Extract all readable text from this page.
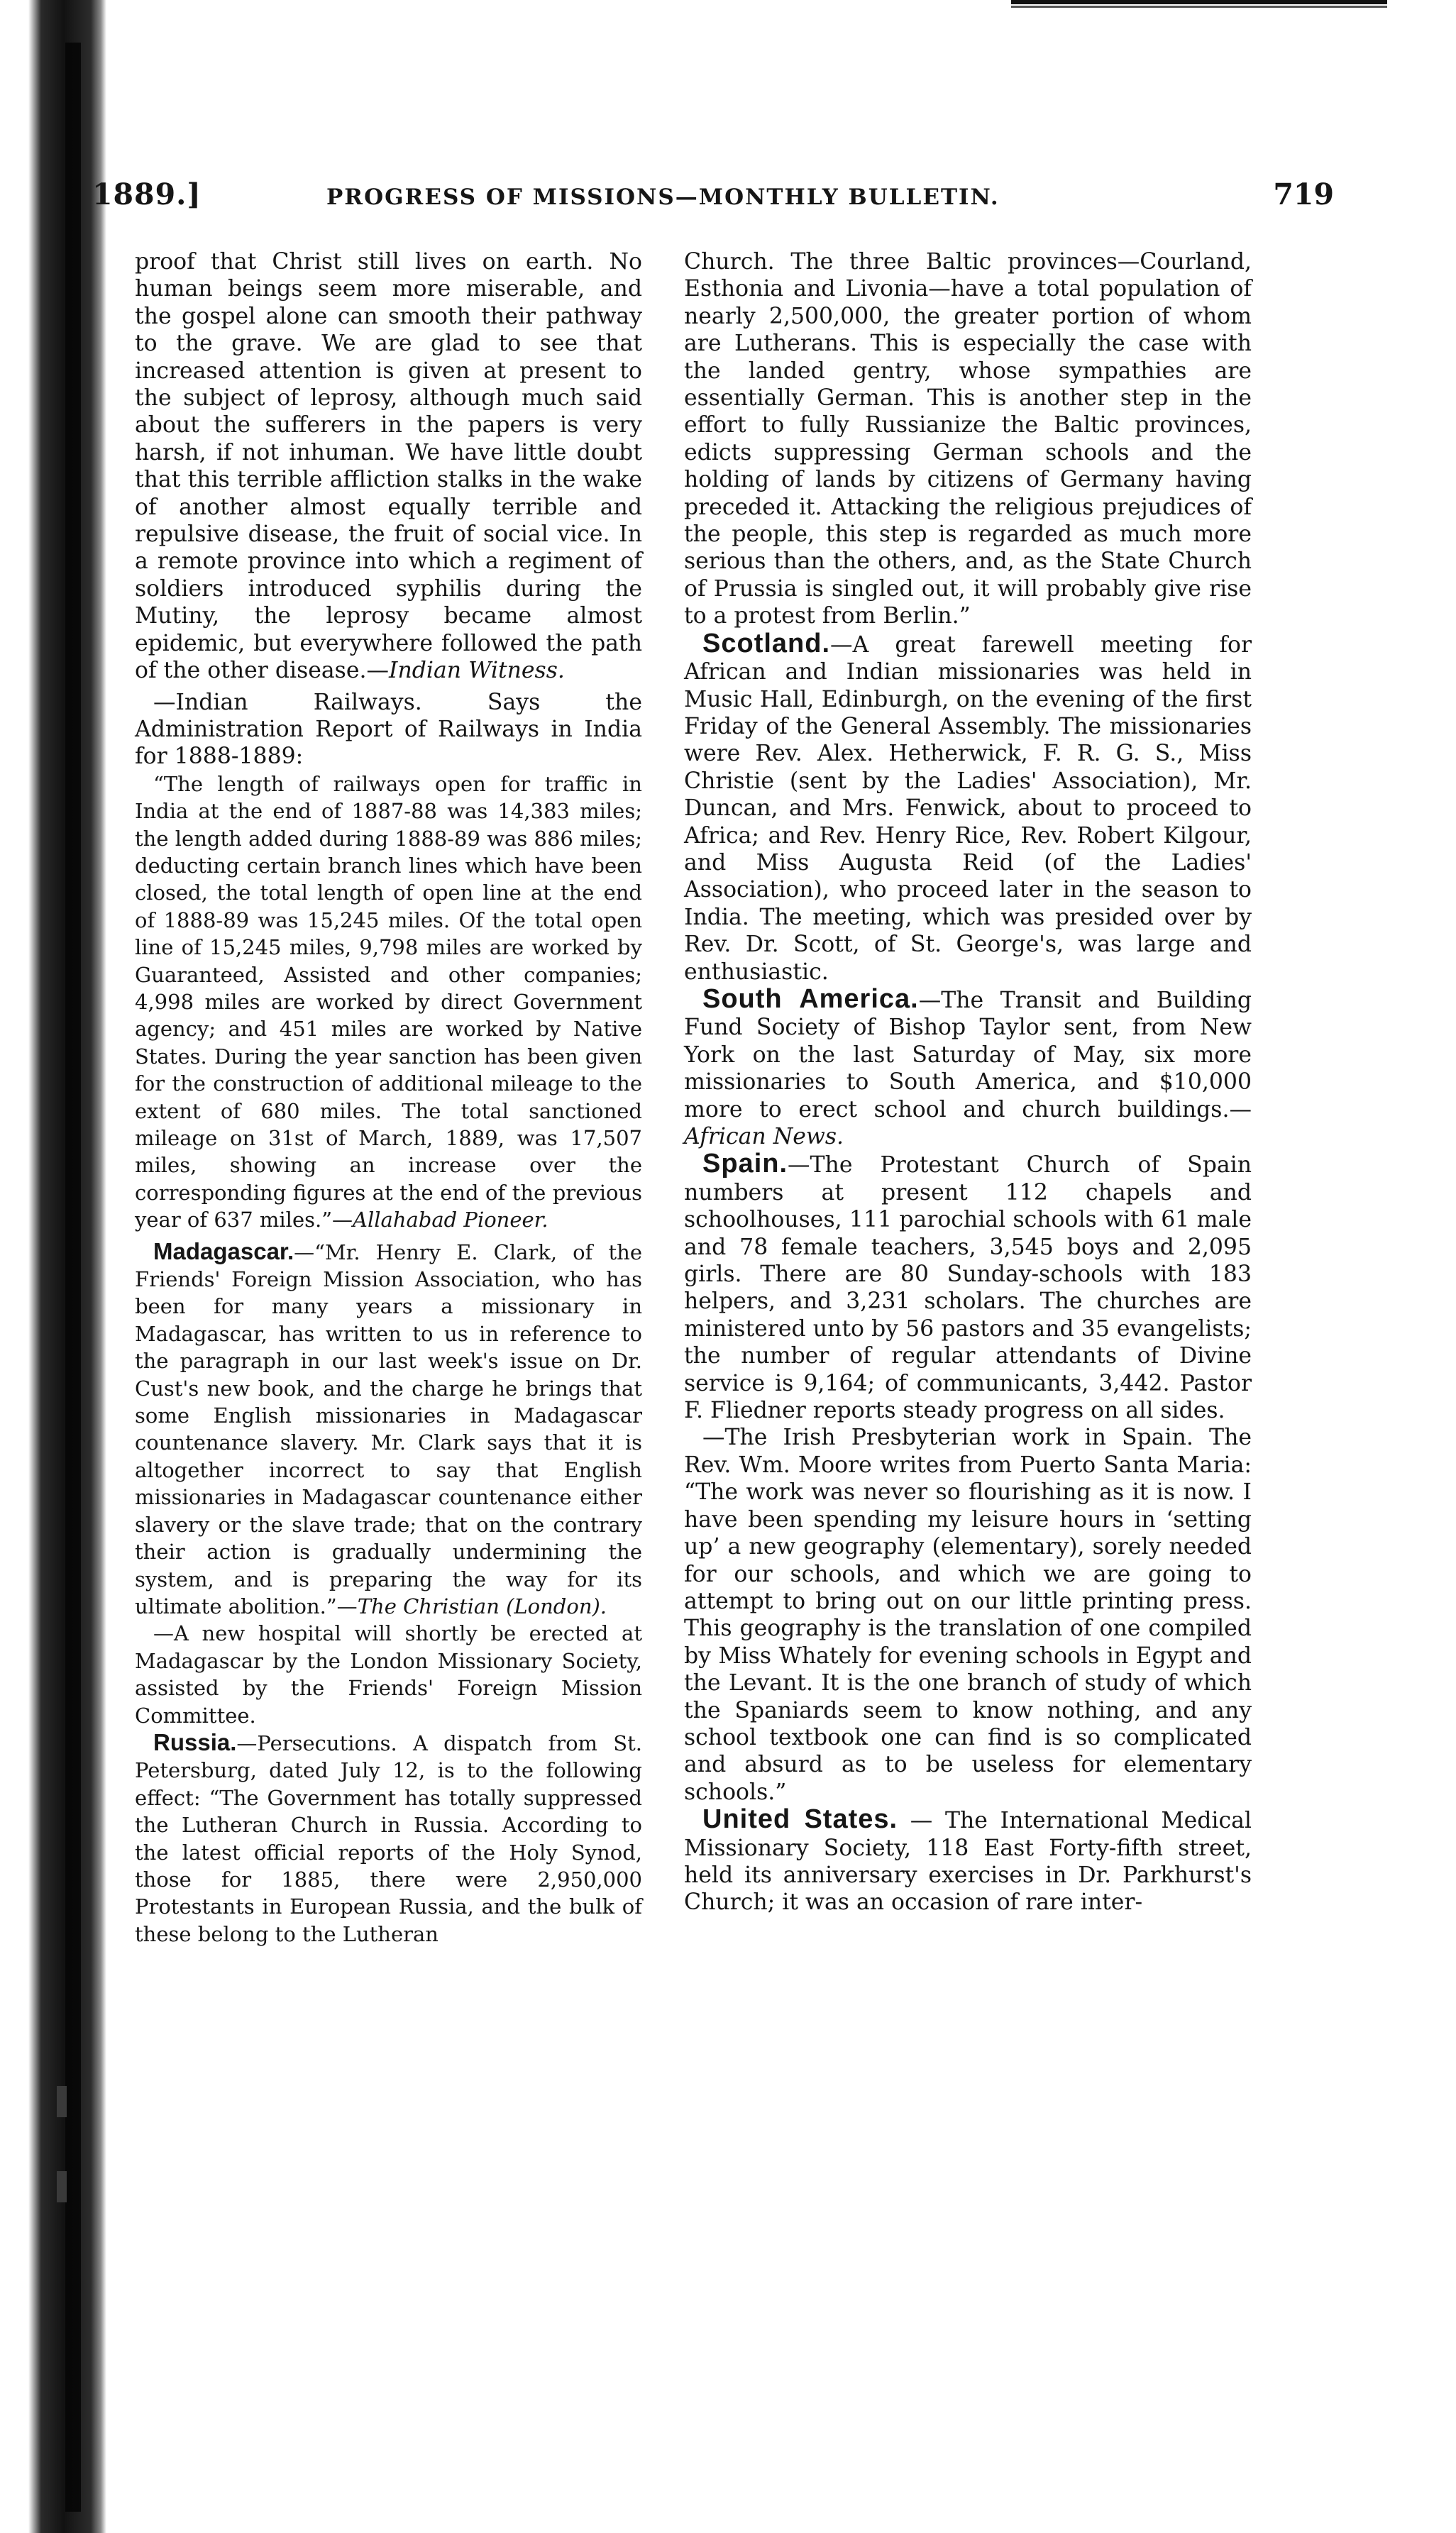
1889.]	PROGRESS OF MISSIONS—MONTHLY BULLETIN.	719

proof that Christ still lives on earth. No human beings seem more miserable, and the gospel alone can smooth their pathway to the grave. We are glad to see that increased attention is given at present to the subject of leprosy, although much said about the sufferers in the papers is very harsh, if not inhuman. We have little doubt that this terrible affliction stalks in the wake of another almost equally terrible and repulsive disease, the fruit of social vice. In a remote province into which a regiment of soldiers introduced syphilis during the Mutiny, the leprosy became almost epidemic, but everywhere followed the path of the other disease.—Indian Witness.

—Indian Railways. Says the Administration Report of Railways in India for 1888-1889:

“The length of railways open for traffic in India at the end of 1887-88 was 14,383 miles; the length added during 1888-89 was 886 miles; deducting certain branch lines which have been closed, the total length of open line at the end of 1888-89 was 15,245 miles. Of the total open line of 15,245 miles, 9,798 miles are worked by Guaranteed, Assisted and other companies; 4,998 miles are worked by direct Government agency; and 451 miles are worked by Native States. During the year sanction has been given for the construction of additional mileage to the extent of 680 miles. The total sanctioned mileage on 31st of March, 1889, was 17,507 miles, showing an increase over the corresponding figures at the end of the previous year of 637 miles.”—Allahabad Pioneer.

Madagascar.—“Mr. Henry E. Clark, of the Friends' Foreign Mission Association, who has been for many years a missionary in Madagascar, has written to us in reference to the paragraph in our last week's issue on Dr. Cust's new book, and the charge he brings that some English missionaries in Madagascar countenance slavery. Mr. Clark says that it is altogether incorrect to say that English missionaries in Madagascar countenance either slavery or the slave trade; that on the contrary their action is gradually undermining the system, and is preparing the way for its ultimate abolition.”—The Christian (London).

—A new hospital will shortly be erected at Madagascar by the London Missionary Society, assisted by the Friends' Foreign Mission Committee.

Russia.—Persecutions. A dispatch from St. Petersburg, dated July 12, is to the following effect: “The Government has totally suppressed the Lutheran Church in Russia. According to the latest official reports of the Holy Synod, those for 1885, there were 2,950,000 Protestants in European Russia, and the bulk of these belong to the Lutheran

Church. The three Baltic provinces—Courland, Esthonia and Livonia—have a total population of nearly 2,500,000, the greater portion of whom are Lutherans. This is especially the case with the landed gentry, whose sympathies are essentially German. This is another step in the effort to fully Russianize the Baltic provinces, edicts suppressing German schools and the holding of lands by citizens of Germany having preceded it. Attacking the religious prejudices of the people, this step is regarded as much more serious than the others, and, as the State Church of Prussia is singled out, it will probably give rise to a protest from Berlin.”

Scotland.—A great farewell meeting for African and Indian missionaries was held in Music Hall, Edinburgh, on the evening of the first Friday of the General Assembly. The missionaries were Rev. Alex. Hetherwick, F. R. G. S., Miss Christie (sent by the Ladies' Association), Mr. Duncan, and Mrs. Fenwick, about to proceed to Africa; and Rev. Henry Rice, Rev. Robert Kilgour, and Miss Augusta Reid (of the Ladies' Association), who proceed later in the season to India. The meeting, which was presided over by Rev. Dr. Scott, of St. George's, was large and enthusiastic.

South America.—The Transit and Building Fund Society of Bishop Taylor sent, from New York on the last Saturday of May, six more missionaries to South America, and $10,000 more to erect school and church buildings.—African News.

Spain.—The Protestant Church of Spain numbers at present 112 chapels and schoolhouses, 111 parochial schools with 61 male and 78 female teachers, 3,545 boys and 2,095 girls. There are 80 Sunday-schools with 183 helpers, and 3,231 scholars. The churches are ministered unto by 56 pastors and 35 evangelists; the number of regular attendants of Divine service is 9,164; of communicants, 3,442. Pastor F. Fliedner reports steady progress on all sides.

—The Irish Presbyterian work in Spain. The Rev. Wm. Moore writes from Puerto Santa Maria: “The work was never so flourishing as it is now. I have been spending my leisure hours in ‘setting up’ a new geography (elementary), sorely needed for our schools, and which we are going to attempt to bring out on our little printing press. This geography is the translation of one compiled by Miss Whately for evening schools in Egypt and the Levant. It is the one branch of study of which the Spaniards seem to know nothing, and any school textbook one can find is so complicated and absurd as to be useless for elementary schools.”

United States. — The International Medical Missionary Society, 118 East Forty-fifth street, held its anniversary exercises in Dr. Parkhurst's Church; it was an occasion of rare inter-
